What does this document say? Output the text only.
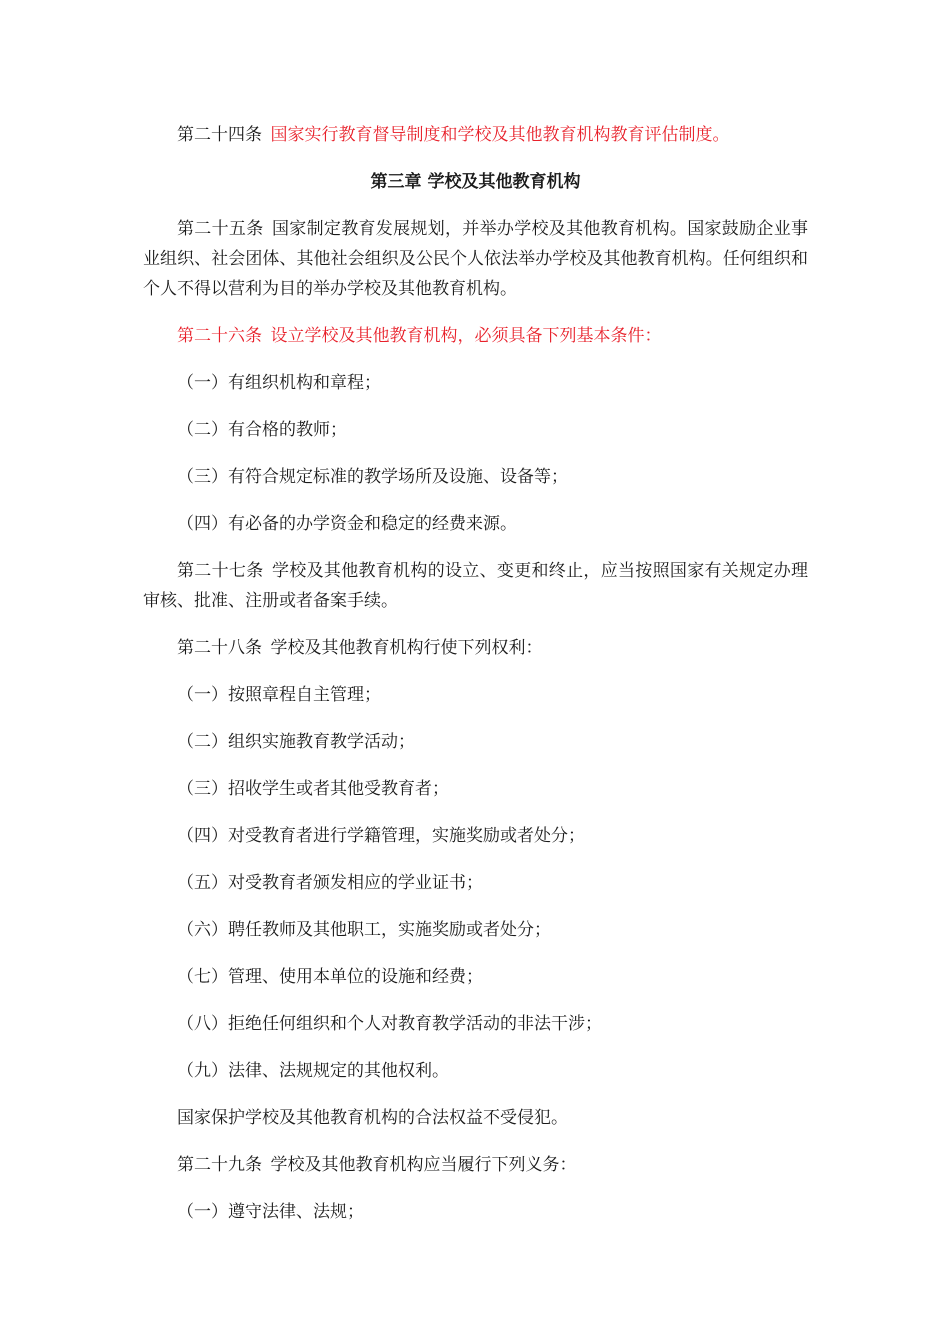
第二十四条 国家实行教育督导制度和学校及其他教育机构教育评估制度。

第三章 学校及其他教育机构

第二十五条 国家制定教育发展规划，并举办学校及其他教育机构。国家鼓励企业事业组织、社会团体、其他社会组织及公民个人依法举办学校及其他教育机构。任何组织和个人不得以营利为目的举办学校及其他教育机构。

第二十六条 设立学校及其他教育机构，必须具备下列基本条件：

（一）有组织机构和章程；

（二）有合格的教师；

（三）有符合规定标准的教学场所及设施、设备等；

（四）有必备的办学资金和稳定的经费来源。

第二十七条 学校及其他教育机构的设立、变更和终止，应当按照国家有关规定办理审核、批准、注册或者备案手续。

第二十八条 学校及其他教育机构行使下列权利：

（一）按照章程自主管理；

（二）组织实施教育教学活动；

（三）招收学生或者其他受教育者；

（四）对受教育者进行学籍管理，实施奖励或者处分；

（五）对受教育者颁发相应的学业证书；

（六）聘任教师及其他职工，实施奖励或者处分；

（七）管理、使用本单位的设施和经费；

（八）拒绝任何组织和个人对教育教学活动的非法干涉；

（九）法律、法规规定的其他权利。

国家保护学校及其他教育机构的合法权益不受侵犯。

第二十九条 学校及其他教育机构应当履行下列义务：

（一）遵守法律、法规；
